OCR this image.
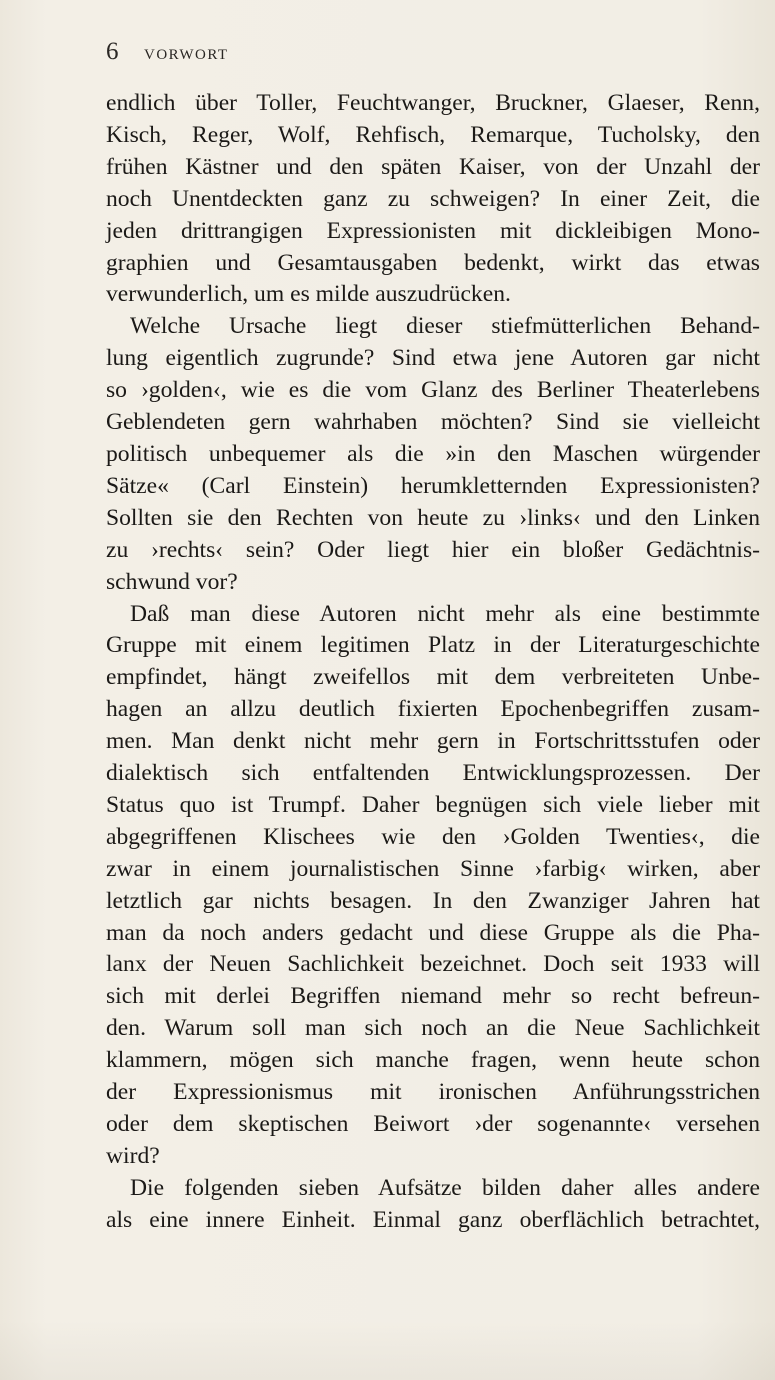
6 VORWORT

endlich über Toller, Feuchtwanger, Bruckner, Glaeser, Renn,
Kisch, Reger, Wolf, Rehfisch, Remarque, Tucholsky, den
frühen Kästner und den späten Kaiser, von der Unzahl der
noch Unentdeckten ganz zu schweigen? In einer Zeit, die
jeden drittrangigen Expressionisten mit dickleibigen Mono-
graphien und Gesamtausgaben bedenkt, wirkt das etwas
verwunderlich, um es milde auszudrücken.

Welche Ursache liegt dieser stiefmütterlichen Behand-
lung eigentlich zugrunde? Sind etwa jene Autoren gar nicht
so ›golden‹, wie es die vom Glanz des Berliner Theaterlebens
Geblendeten gern wahrhaben möchten? Sind sie vielleicht
politisch unbequemer als die »in den Maschen würgender
Sätze« (Carl Einstein) herumkletternden Expressionisten?
Sollten sie den Rechten von heute zu ›links‹ und den Linken
zu ›rechts‹ sein? Oder liegt hier ein bloßer Gedächtnis-
schwund vor?

Daß man diese Autoren nicht mehr als eine bestimmte
Gruppe mit einem legitimen Platz in der Literaturgeschichte
empfindet, hängt zweifellos mit dem verbreiteten Unbe-
hagen an allzu deutlich fixierten Epochenbegriffen zusam-
men. Man denkt nicht mehr gern in Fortschrittsstufen oder
dialektisch sich entfaltenden Entwicklungsprozessen. Der
Status quo ist Trumpf. Daher begnügen sich viele lieber mit
abgegriffenen Klischees wie den ›Golden Twenties‹, die
zwar in einem journalistischen Sinne ›farbig‹ wirken, aber
letztlich gar nichts besagen. In den Zwanziger Jahren hat
man da noch anders gedacht und diese Gruppe als die Pha-
lanx der Neuen Sachlichkeit bezeichnet. Doch seit 1933 will
sich mit derlei Begriffen niemand mehr so recht befreun-
den. Warum soll man sich noch an die Neue Sachlichkeit
klammern, mögen sich manche fragen, wenn heute schon
der Expressionismus mit ironischen Anführungsstrichen
oder dem skeptischen Beiwort ›der sogenannte‹ versehen
wird?

Die folgenden sieben Aufsätze bilden daher alles andere
als eine innere Einheit. Einmal ganz oberflächlich betrachtet,
